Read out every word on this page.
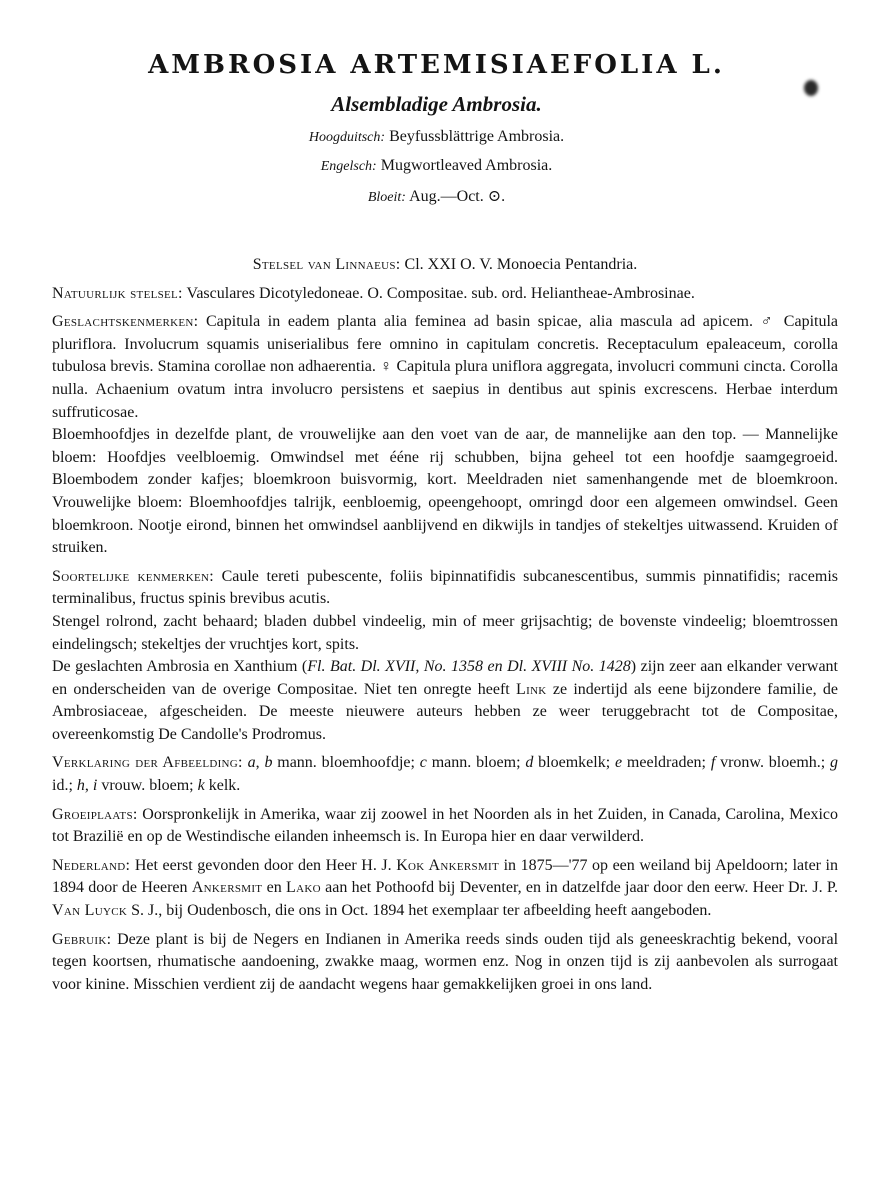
AMBROSIA ARTEMISIAEFOLIA L.
Alsembladige Ambrosia.
Hoogduitsch: Beyfussblättrige Ambrosia.
Engelsch: Mugwortleaved Ambrosia.
Bloeit: Aug.—Oct. ⊙.

Stelsel van Linnaeus: Cl. XXI O. V. Monoecia Pentandria.

Natuurlijk stelsel: Vasculares Dicotyledoneae. O. Compositae. sub. ord. Heliantheae-Ambrosinae.

Geslachtskenmerken: Capitula in eadem planta alia feminea ad basin spicae, alia mascula ad apicem. ♂ Capitula pluriflora. Involucrum squamis uniserialibus fere omnino in capitulam concretis. Receptaculum epaleaceum, corolla tubulosa brevis. Stamina corollae non adhaerentia. ♀ Capitula plura uniflora aggregata, involucri communi cincta. Corolla nulla. Achaenium ovatum intra involucro persistens et saepius in dentibus aut spinis excrescens. Herbae interdum suffruticosae.

Bloemhoofdjes in dezelfde plant, de vrouwelijke aan den voet van de aar, de mannelijke aan den top. — Mannelijke bloem: Hoofdjes veelbloemig. Omwindsel met ééne rij schubben, bijna geheel tot een hoofdje saamgegroeid. Bloembodem zonder kafjes; bloemkroon buisvormig, kort. Meeldraden niet samenhangende met de bloemkroon. Vrouwelijke bloem: Bloemhoofdjes talrijk, eenbloemig, opeengehoopt, omringd door een algemeen omwindsel. Geen bloemkroon. Nootje eirond, binnen het omwindsel aanblijvend en dikwijls in tandjes of stekeltjes uitwassend. Kruiden of struiken.

Soortelijke kenmerken: Caule tereti pubescente, foliis bipinnatifidis subcanescentibus, summis pinnatifidis; racemis terminalibus, fructus spinis brevibus acutis.

Stengel rolrond, zacht behaard; bladen dubbel vindeelig, min of meer grijsachtig; de bovenste vindeelig; bloemtrossen eindelingsch; stekeltjes der vruchtjes kort, spits.

De geslachten Ambrosia en Xanthium (Fl. Bat. Dl. XVII, No. 1358 en Dl. XVIII No. 1428) zijn zeer aan elkander verwant en onderscheiden van de overige Compositae. Niet ten onregte heeft Link ze indertijd als eene bijzondere familie, de Ambrosiaceae, afgescheiden. De meeste nieuwere auteurs hebben ze weer teruggebracht tot de Compositae, overeenkomstig De Candolle's Prodromus.

Verklaring der Afbeelding: a, b mann. bloemhoofdje; c mann. bloem; d bloemkelk; e meeldraden; f vronw. bloemh.; g id.; h, i vrouw. bloem; k kelk.

Groeiplaats: Oorspronkelijk in Amerika, waar zij zoowel in het Noorden als in het Zuiden, in Canada, Carolina, Mexico tot Brazilië en op de Westindische eilanden inheemsch is. In Europa hier en daar verwilderd.

Nederland: Het eerst gevonden door den Heer H. J. Kok Ankersmit in 1875—'77 op een weiland bij Apeldoorn; later in 1894 door de Heeren Ankersmit en Lako aan het Pothoofd bij Deventer, en in datzelfde jaar door den eerw. Heer Dr. J. P. Van Luyck S. J., bij Oudenbosch, die ons in Oct. 1894 het exemplaar ter afbeelding heeft aangeboden.

Gebruik: Deze plant is bij de Negers en Indianen in Amerika reeds sinds ouden tijd als geneeskrachtig bekend, vooral tegen koortsen, rhumatische aandoening, zwakke maag, wormen enz. Nog in onzen tijd is zij aanbevolen als surrogaat voor kinine. Misschien verdient zij de aandacht wegens haar gemakkelijken groei in ons land.
